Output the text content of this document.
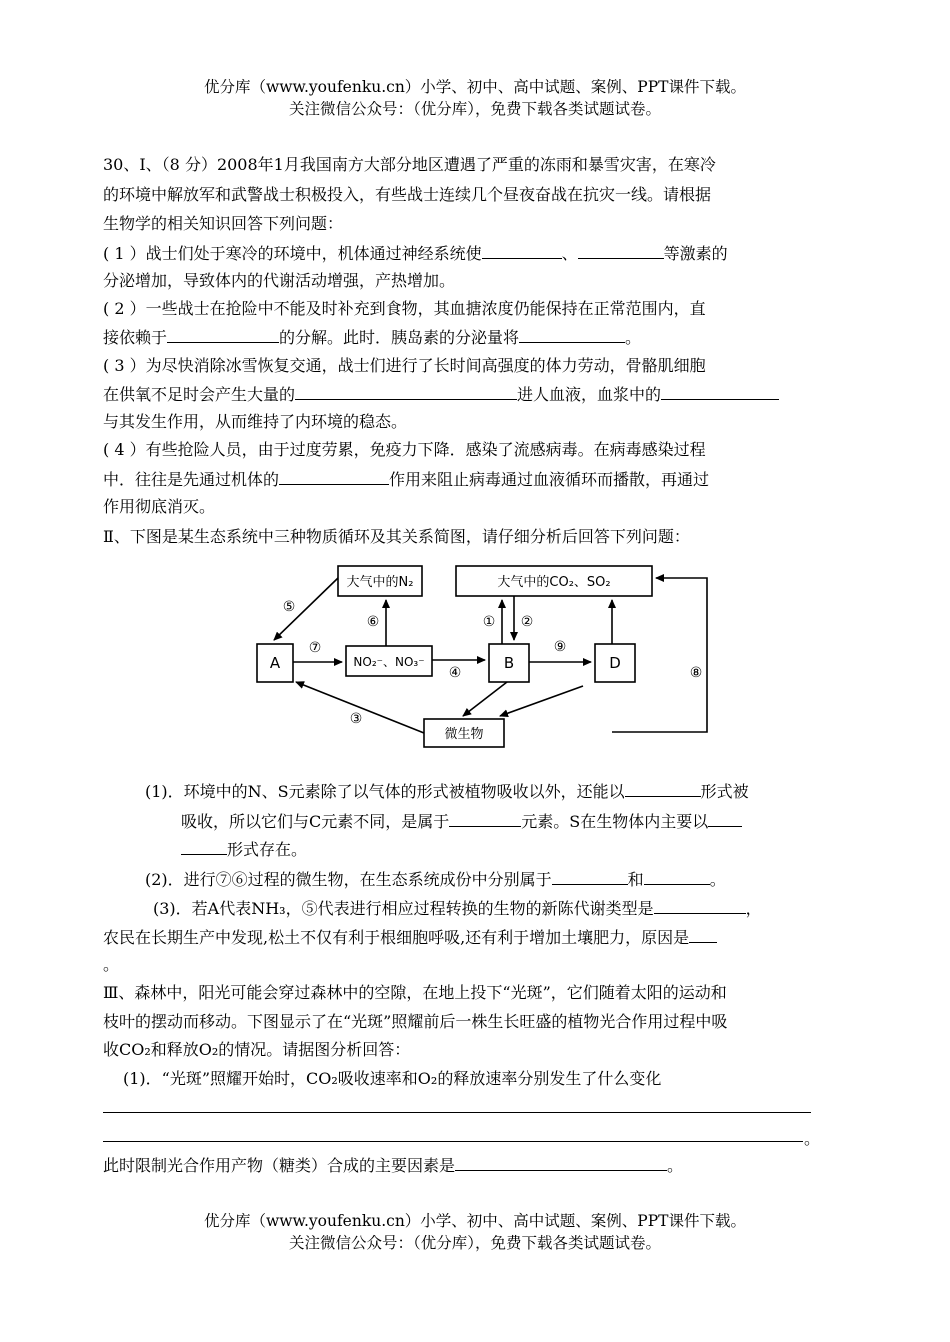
优分库（www.youfenku.cn）小学、初中、高中试题、案例、PPT课件下载。
关注微信公众号：（优分库），免费下载各类试题试卷。
30、I、（8 分）2008年1月我国南方大部分地区遭遇了严重的冻雨和暴雪灾害，在寒冷
的环境中解放军和武警战士积极投入，有些战士连续几个昼夜奋战在抗灾一线。请根据
生物学的相关知识回答下列问题：
( 1 ）战士们处于寒冷的环境中，机体通过神经系统使	、	等激素的
分泌增加，导致体内的代谢活动增强，产热增加。
( 2 ）一些战士在抢险中不能及时补充到食物，其血搪浓度仍能保持在正常范围内，直
接依赖于	的分解。此时．胰岛素的分泌量将	。
( 3 ）为尽快消除冰雪恢复交通，战士们进行了长时间高强度的体力劳动，骨骼肌细胞
在供氧不足时会产生大量的	进人血液，血浆中的
与其发生作用，从而维持了内环境的稳态。
( 4 ）有些抢险人员，由于过度劳累，免疫力下降．感染了流感病毒。在病毒感染过程
中．往往是先通过机体的	作用来阻止病毒通过血液循环而播散，再通过
作用彻底消灭。
Ⅱ、下图是某生态系统中三种物质循环及其关系简图，请仔细分析后回答下列问题：
大气中的N₂	大气中的CO₂、SO₂
A	NO₂⁻、NO₃⁻	B	D
微生物
① ②
③
④
⑤
⑥
⑦
⑧
⑨
(1)．环境中的N、S元素除了以气体的形式被植物吸收以外，还能以	形式被
吸收，所以它们与C元素不同，是属于	元素。S在生物体内主要以
形式存在。
(2)．进行⑦⑥过程的微生物，在生态系统成份中分别属于	和	。
(3)．若A代表NH₃，⑤代表进行相应过程转换的生物的新陈代谢类型是	，
农民在长期生产中发现,松土不仅有利于根细胞呼吸,还有利于增加土壤肥力，原因是
。
Ⅲ、森林中，阳光可能会穿过森林中的空隙，在地上投下“光斑”，它们随着太阳的运动和
枝叶的摆动而移动。下图显示了在“光斑”照耀前后一株生长旺盛的植物光合作用过程中吸
收CO₂和释放O₂的情况。请据图分析回答：
(1)．“光斑”照耀开始时，CO₂吸收速率和O₂的释放速率分别发生了什么变化
。
此时限制光合作用产物（糖类）合成的主要因素是	。
优分库（www.youfenku.cn）小学、初中、高中试题、案例、PPT课件下载。
关注微信公众号：（优分库），免费下载各类试题试卷。
